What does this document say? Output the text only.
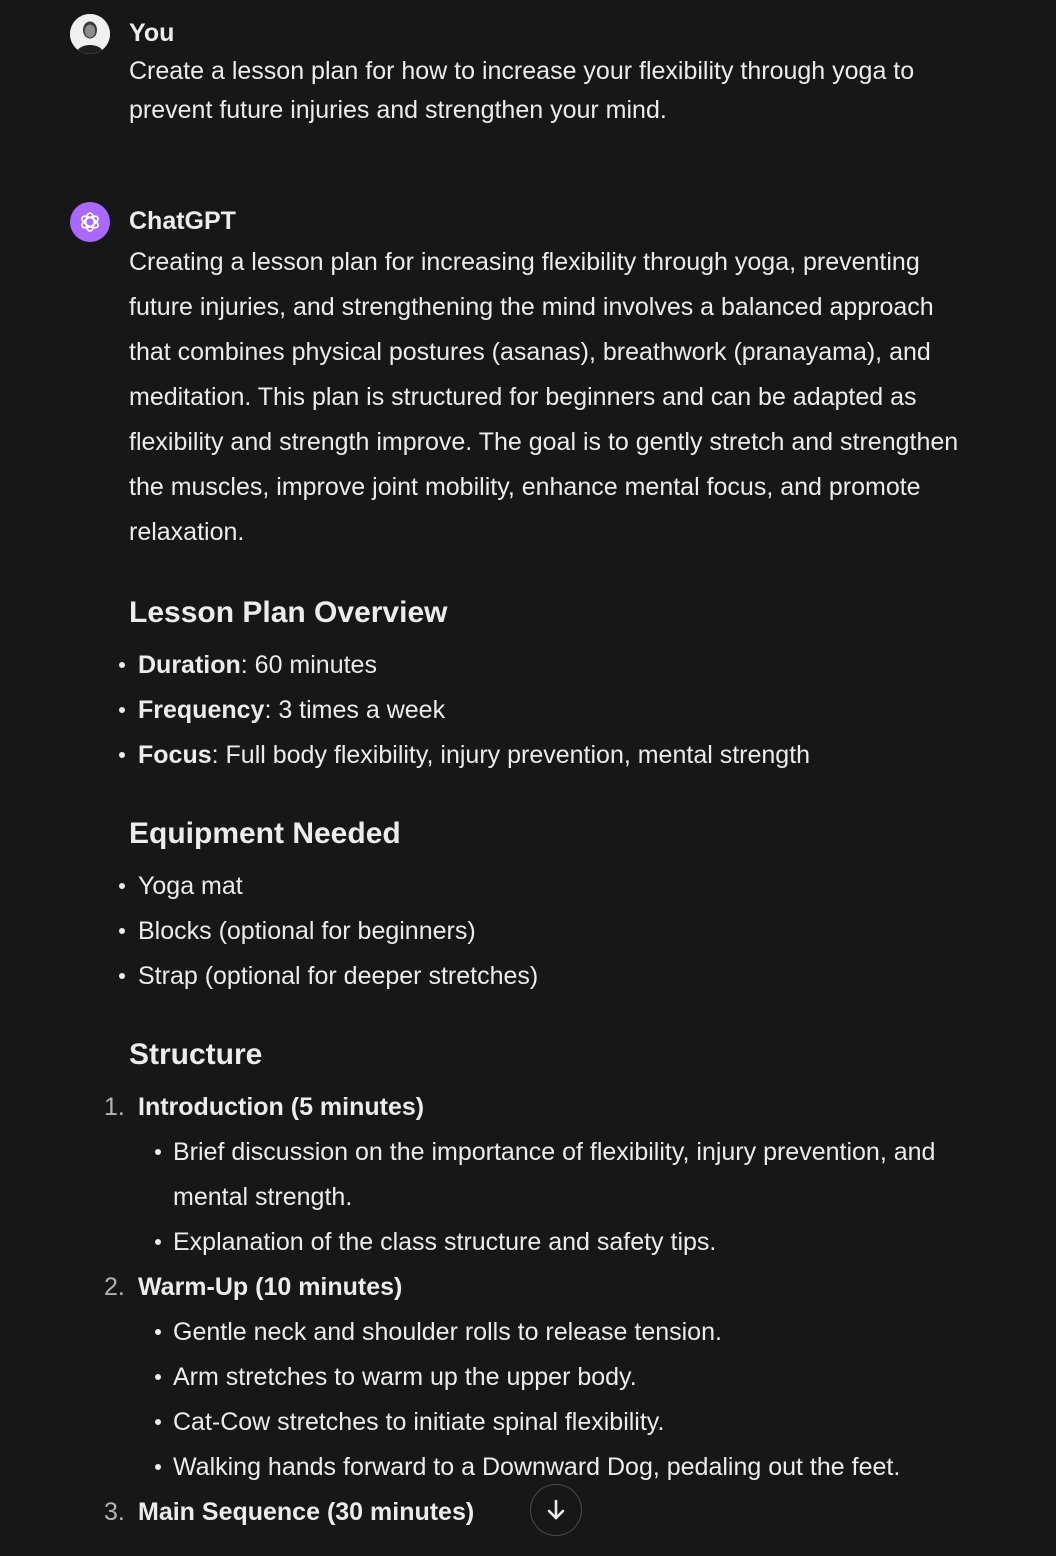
You

Create a lesson plan for how to increase your flexibility through yoga to prevent future injuries and strengthen your mind.

ChatGPT

Creating a lesson plan for increasing flexibility through yoga, preventing future injuries, and strengthening the mind involves a balanced approach that combines physical postures (asanas), breathwork (pranayama), and meditation. This plan is structured for beginners and can be adapted as flexibility and strength improve. The goal is to gently stretch and strengthen the muscles, improve joint mobility, enhance mental focus, and promote relaxation.

Lesson Plan Overview
Duration: 60 minutes
Frequency: 3 times a week
Focus: Full body flexibility, injury prevention, mental strength
Equipment Needed
Yoga mat
Blocks (optional for beginners)
Strap (optional for deeper stretches)
Structure
1. Introduction (5 minutes)
Brief discussion on the importance of flexibility, injury prevention, and mental strength.
Explanation of the class structure and safety tips.
2. Warm-Up (10 minutes)
Gentle neck and shoulder rolls to release tension.
Arm stretches to warm up the upper body.
Cat-Cow stretches to initiate spinal flexibility.
Walking hands forward to a Downward Dog, pedaling out the feet.
3. Main Sequence (30 minutes)
